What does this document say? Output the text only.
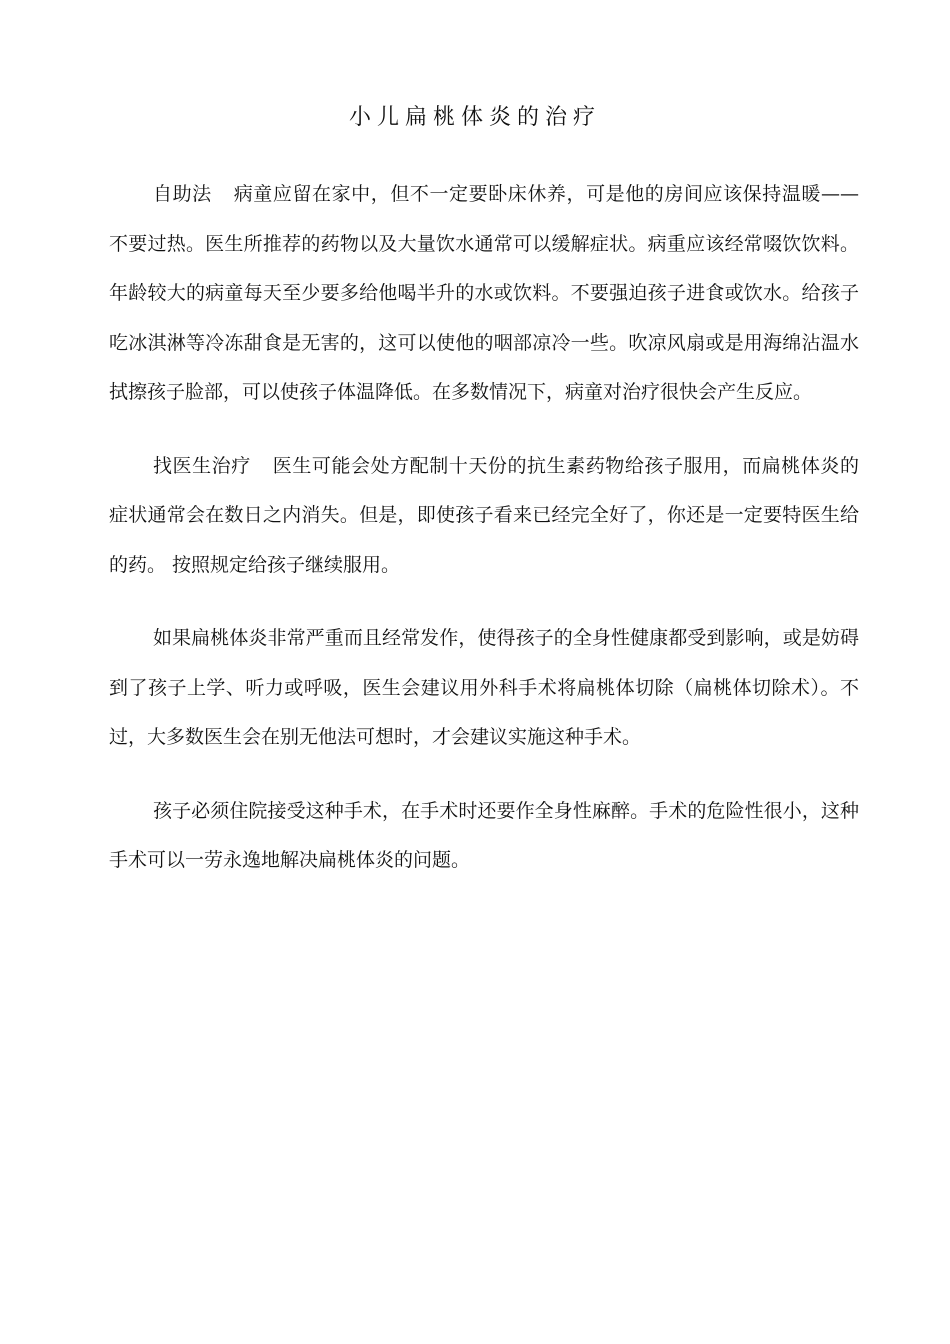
小儿扁桃体炎的治疗

自助法 病童应留在家中，但不一定要卧床休养，可是他的房间应该保持温暖——不要过热。医生所推荐的药物以及大量饮水通常可以缓解症状。病重应该经常啜饮饮料。年龄较大的病童每天至少要多给他喝半升的水或饮料。不要强迫孩子进食或饮水。给孩子吃冰淇淋等冷冻甜食是无害的，这可以使他的咽部凉冷一些。吹凉风扇或是用海绵沾温水拭擦孩子脸部，可以使孩子体温降低。在多数情况下，病童对治疗很快会产生反应。

找医生治疗 医生可能会处方配制十天份的抗生素药物给孩子服用，而扁桃体炎的症状通常会在数日之内消失。但是，即使孩子看来已经完全好了，你还是一定要特医生给的药。 按照规定给孩子继续服用。

如果扁桃体炎非常严重而且经常发作，使得孩子的全身性健康都受到影响，或是妨碍到了孩子上学、听力或呼吸，医生会建议用外科手术将扁桃体切除（扁桃体切除术）。不过，大多数医生会在别无他法可想时，才会建议实施这种手术。

孩子必须住院接受这种手术，在手术时还要作全身性麻醉。手术的危险性很小，这种手术可以一劳永逸地解决扁桃体炎的问题。
